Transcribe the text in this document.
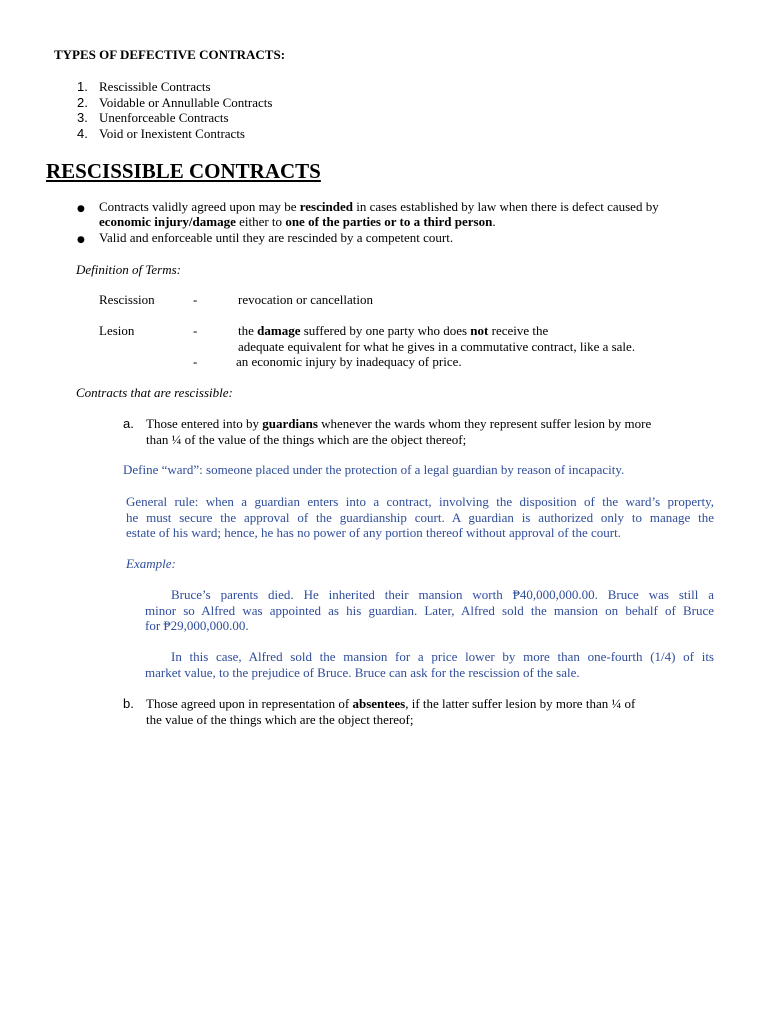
TYPES OF DEFECTIVE CONTRACTS:
1. Rescissible Contracts
2. Voidable or Annullable Contracts
3. Unenforceable Contracts
4. Void or Inexistent Contracts
RESCISSIBLE CONTRACTS
● Contracts validly agreed upon may be rescinded in cases established by law when there is defect caused by
economic injury/damage either to one of the parties or to a third person.
● Valid and enforceable until they are rescinded by a competent court.
Definition of Terms:
Rescission	-	revocation or cancellation
Lesion	-	the damage suffered by one party who does not receive the
adequate equivalent for what he gives in a commutative contract, like a sale.
-	an economic injury by inadequacy of price.
Contracts that are rescissible:
a. Those entered into by guardians whenever the wards whom they represent suffer lesion by more
than ¼ of the value of the things which are the object thereof;
Define “ward”: someone placed under the protection of a legal guardian by reason of incapacity.
General rule: when a guardian enters into a contract, involving the disposition of the ward’s property,
he must secure the approval of the guardianship court. A guardian is authorized only to manage the
estate of his ward; hence, he has no power of any portion thereof without approval of the court.
Example:
Bruce’s parents died. He inherited their mansion worth ₱40,000,000.00. Bruce was still a
minor so Alfred was appointed as his guardian. Later, Alfred sold the mansion on behalf of Bruce
for ₱29,000,000.00.
In this case, Alfred sold the mansion for a price lower by more than one-fourth (1/4) of its
market value, to the prejudice of Bruce. Bruce can ask for the rescission of the sale.
b. Those agreed upon in representation of absentees, if the latter suffer lesion by more than ¼ of
the value of the things which are the object thereof;
